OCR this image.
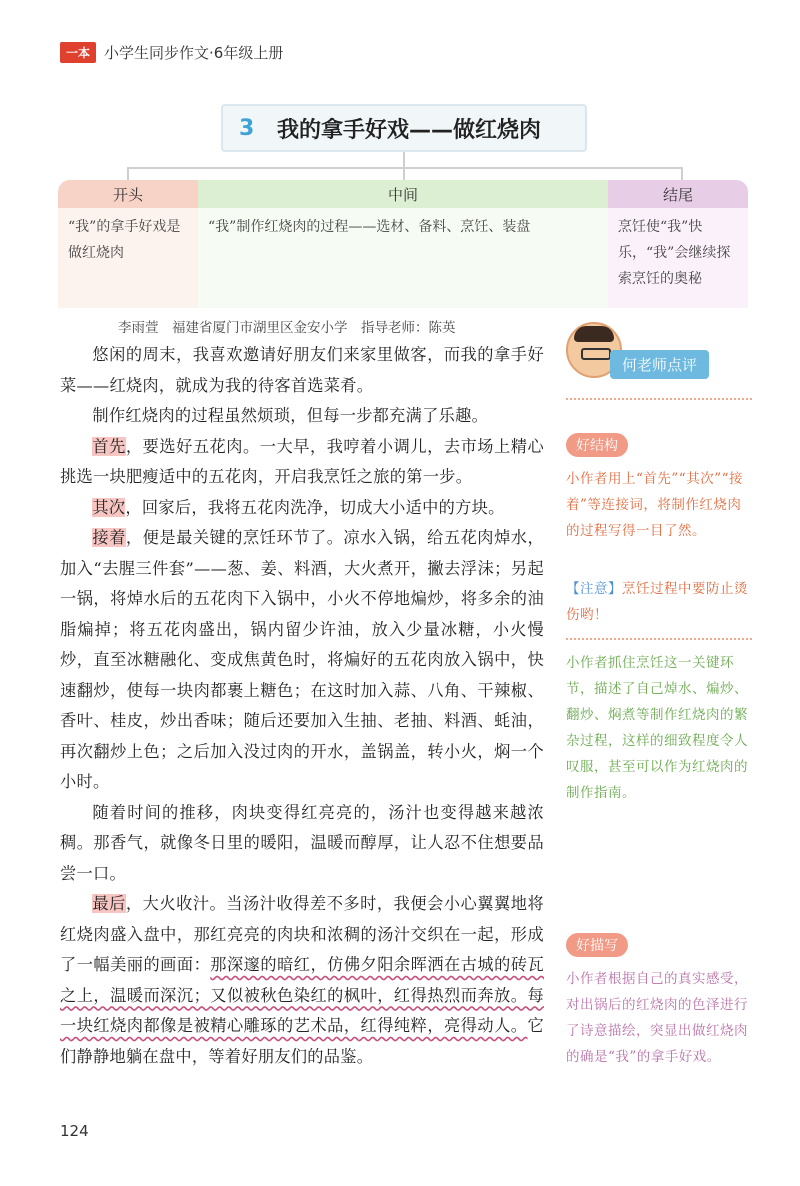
一本 小学生同步作文·6年级上册
3	我的拿手好戏——做红烧肉
开头
“我”的拿手好戏是做红烧肉
中间
“我”制作红烧肉的过程——选材、备料、烹饪、装盘
结尾
烹饪使“我”快乐，“我”会继续探索烹饪的奥秘
李雨萱　福建省厦门市湖里区金安小学　指导老师：陈英

悠闲的周末，我喜欢邀请好朋友们来家里做客，而我的拿手好菜——红烧肉，就成为我的待客首选菜肴。

制作红烧肉的过程虽然烦琐，但每一步都充满了乐趣。

首先，要选好五花肉。一大早，我哼着小调儿，去市场上精心挑选一块肥瘦适中的五花肉，开启我烹饪之旅的第一步。

其次，回家后，我将五花肉洗净，切成大小适中的方块。

接着，便是最关键的烹饪环节了。凉水入锅，给五花肉焯水，加入“去腥三件套”——葱、姜、料酒，大火煮开，撇去浮沫；另起一锅，将焯水后的五花肉下入锅中，小火不停地煸炒，将多余的油脂煸掉；将五花肉盛出，锅内留少许油，放入少量冰糖，小火慢炒，直至冰糖融化、变成焦黄色时，将煸好的五花肉放入锅中，快速翻炒，使每一块肉都裹上糖色；在这时加入蒜、八角、干辣椒、香叶、桂皮，炒出香味；随后还要加入生抽、老抽、料酒、蚝油，再次翻炒上色；之后加入没过肉的开水，盖锅盖，转小火，焖一个小时。

随着时间的推移，肉块变得红亮亮的，汤汁也变得越来越浓稠。那香气，就像冬日里的暖阳，温暖而醇厚，让人忍不住想要品尝一口。

最后，大火收汁。当汤汁收得差不多时，我便会小心翼翼地将红烧肉盛入盘中，那红亮亮的肉块和浓稠的汤汁交织在一起，形成了一幅美丽的画面：那深邃的暗红，仿佛夕阳余晖洒在古城的砖瓦之上，温暖而深沉；又似被秋色染红的枫叶，红得热烈而奔放。每一块红烧肉都像是被精心雕琢的艺术品，红得纯粹，亮得动人。它们静静地躺在盘中，等着好朋友们的品鉴。

何老师点评
好结构
小作者用上“首先”“其次”“接着”等连接词，将制作红烧肉的过程写得一目了然。
【注意】烹饪过程中要防止烫伤哟！
小作者抓住烹饪这一关键环节，描述了自己焯水、煸炒、翻炒、焖煮等制作红烧肉的繁杂过程，这样的细致程度令人叹服，甚至可以作为红烧肉的制作指南。
好描写
小作者根据自己的真实感受，对出锅后的红烧肉的色泽进行了诗意描绘，突显出做红烧肉的确是“我”的拿手好戏。
124
